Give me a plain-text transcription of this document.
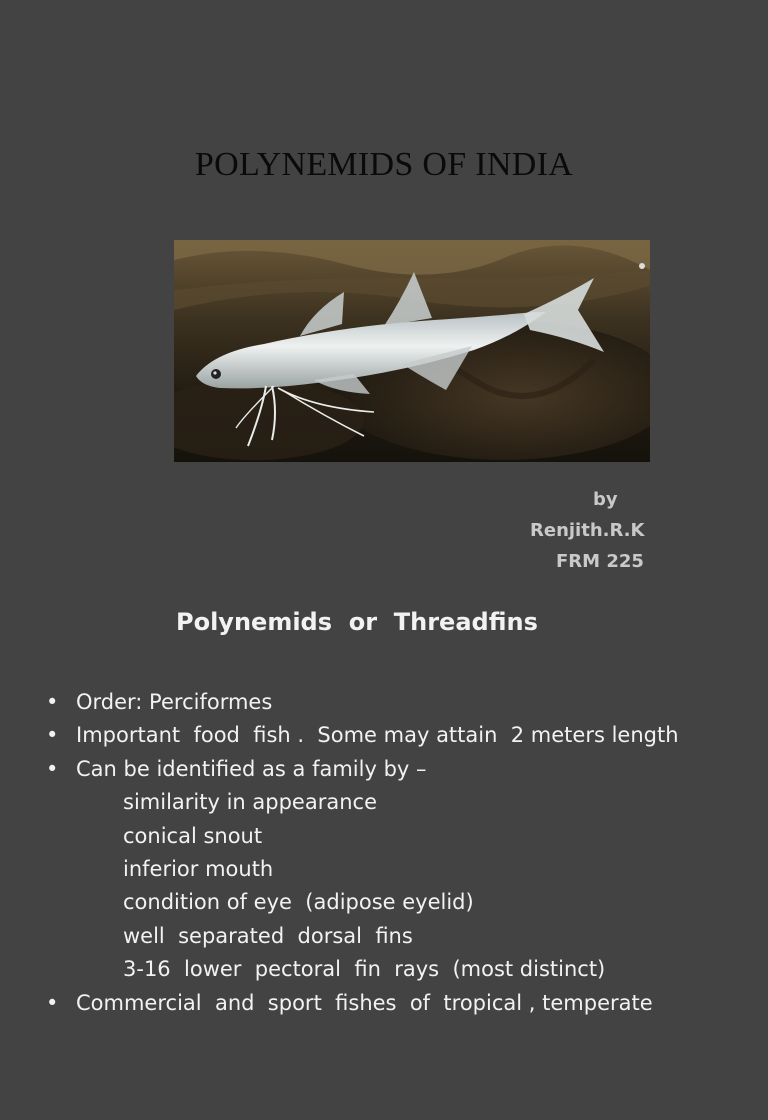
POLYNEMIDS OF INDIA
by
Renjith.R.K
FRM 225
Polynemids  or  Threadfins

•

Order: Perciformes

•

Important  food  fish .  Some may attain  2 meters length

•

Can be identified as a family by –

similarity in appearance

conical snout

inferior mouth

condition of eye  (adipose eyelid)

well  separated  dorsal  fins

3-16  lower  pectoral  fin  rays  (most distinct)

•

Commercial  and  sport  fishes  of  tropical , temperate
